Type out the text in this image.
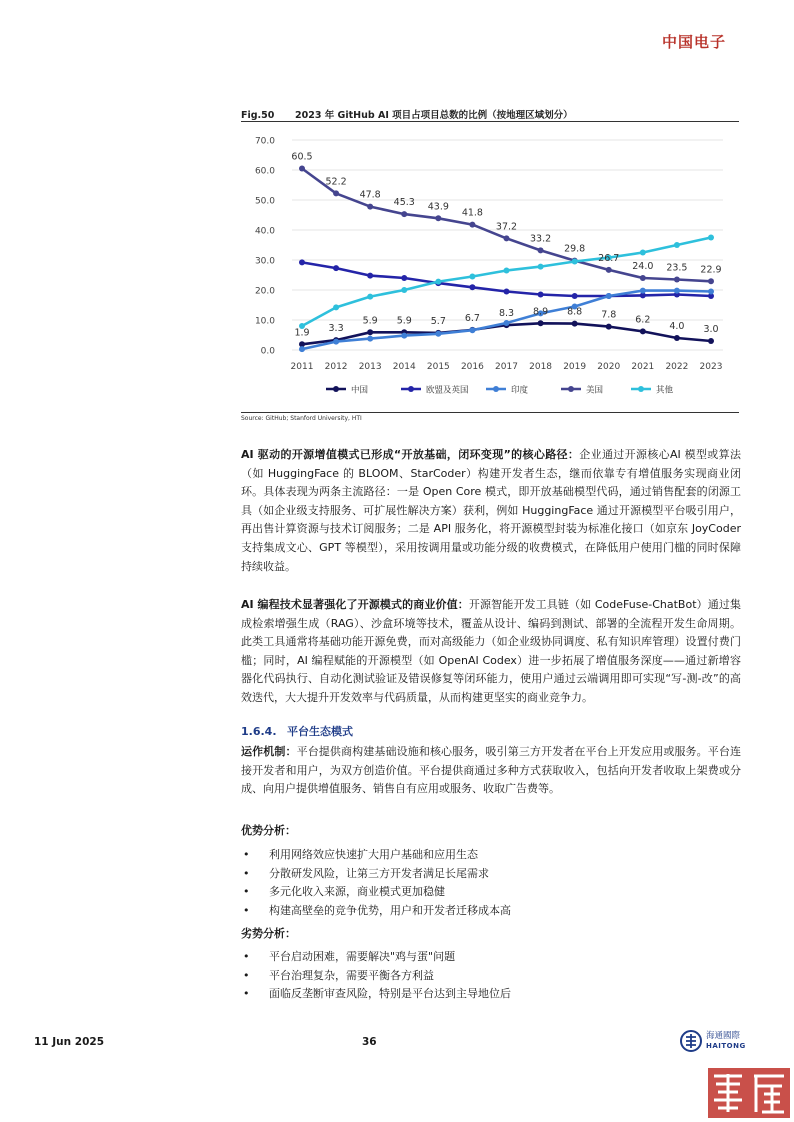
中国电子
Fig.50 2023 年 GitHub AI 项目占项目总数的比例（按地理区域划分）
0.0
10.0
20.0
30.0
40.0
50.0
60.0
70.0
2011 2012 2013 2014 2015 2016 2017 2018 2019 2020 2021 2022 2023
1.9 3.3
5.9 5.9 5.7 6.7 8.3 8.9 8.8 7.8 6.2
4.0 3.0
60.5
52.2
47.8
45.3 43.9
41.8
37.2
33.2
29.8
26.7
24.0 23.5 22.9
中国	欧盟及英国	印度	美国	其他
Source: GitHub; Stanford University, HTI
AI 驱动的开源增值模式已形成“开放基础，闭环变现”的核心路径：企业通过开源核心AI 模型或算法（如 HuggingFace 的 BLOOM、StarCoder）构建开发者生态，继而依靠专有增值服务实现商业闭环。具体表现为两条主流路径：一是 Open Core 模式，即开放基础模型代码，通过销售配套的闭源工具（如企业级支持服务、可扩展性解决方案）获利，例如 HuggingFace 通过开源模型平台吸引用户，再出售计算资源与技术订阅服务；二是 API 服务化，将开源模型封装为标准化接口（如京东 JoyCoder 支持集成文心、GPT 等模型），采用按调用量或功能分级的收费模式，在降低用户使用门槛的同时保障持续收益。
AI 编程技术显著强化了开源模式的商业价值：开源智能开发工具链（如 CodeFuse-ChatBot）通过集成检索增强生成（RAG）、沙盒环境等技术，覆盖从设计、编码到测试、部署的全流程开发生命周期。此类工具通常将基础功能开源免费，而对高级能力（如企业级协同调度、私有知识库管理）设置付费门槛；同时，AI 编程赋能的开源模型（如 OpenAI Codex）进一步拓展了增值服务深度——通过新增容器化代码执行、自动化测试验证及错误修复等闭环能力，使用户通过云端调用即可实现“写-测-改”的高效迭代，大大提升开发效率与代码质量，从而构建更坚实的商业竞争力。
1.6.4. 平台生态模式
运作机制：平台提供商构建基础设施和核心服务，吸引第三方开发者在平台上开发应用或服务。平台连接开发者和用户，为双方创造价值。平台提供商通过多种方式获取收入，包括向开发者收取上架费或分成、向用户提供增值服务、销售自有应用或服务、收取广告费等。
优势分析：
• 利用网络效应快速扩大用户基础和应用生态
• 分散研发风险，让第三方开发者满足长尾需求
• 多元化收入来源，商业模式更加稳健
• 构建高壁垒的竞争优势，用户和开发者迁移成本高
劣势分析：
• 平台启动困难，需要解决"鸡与蛋"问题
• 平台治理复杂，需要平衡各方利益
• 面临反垄断审查风险，特别是平台达到主导地位后
11 Jun 2025	36	海通國際
HAITONG
